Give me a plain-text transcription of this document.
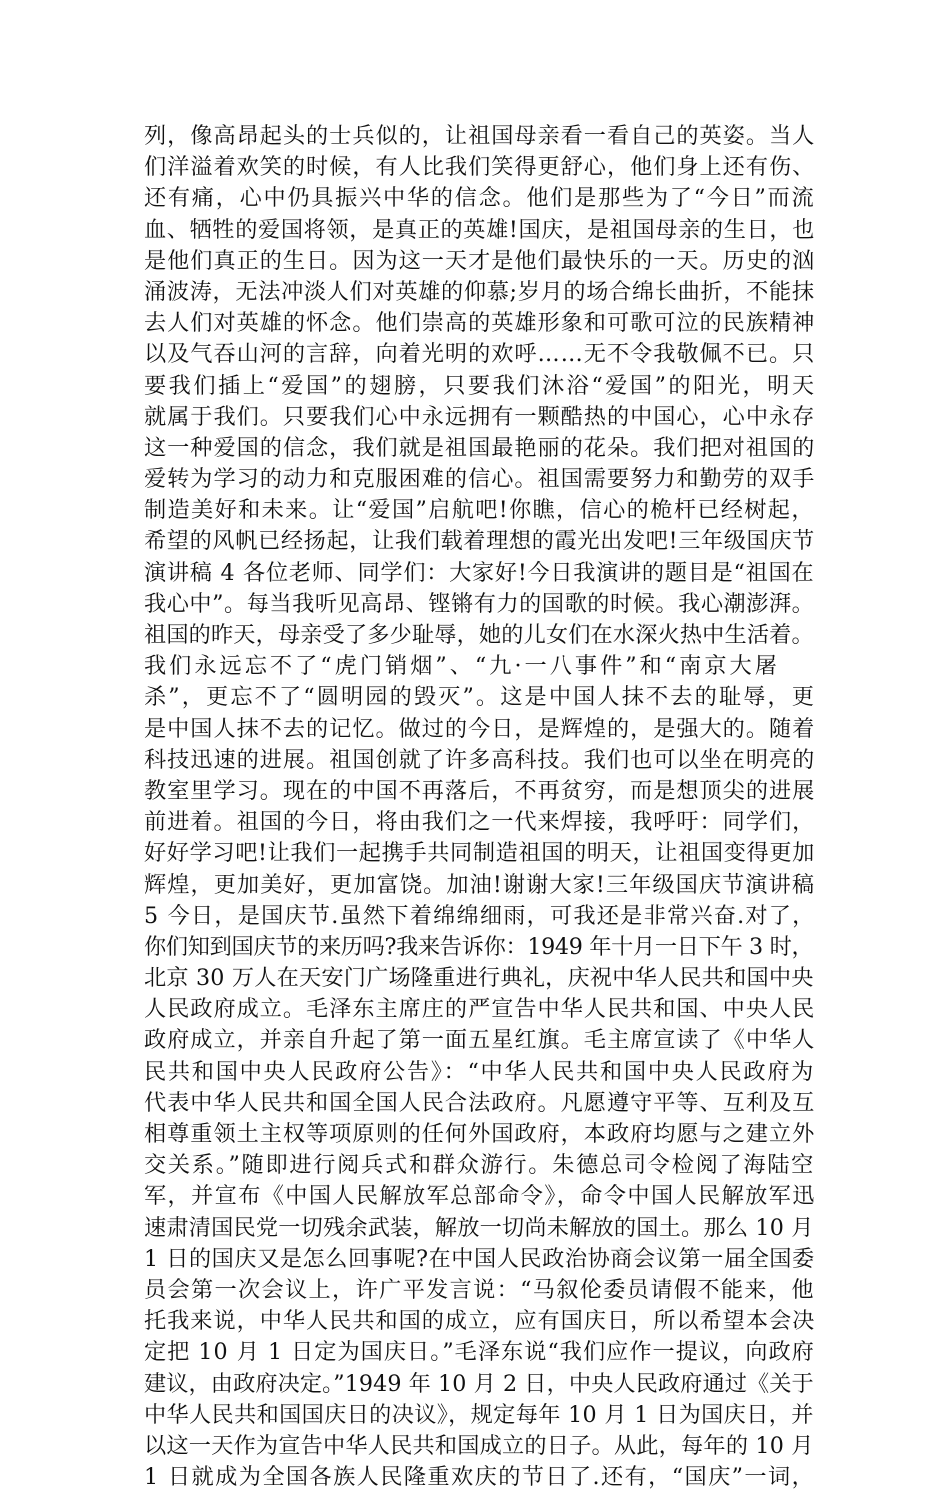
列，像高昂起头的士兵似的，让祖国母亲看一看自己的英姿。当人
们洋溢着欢笑的时候，有人比我们笑得更舒心，他们身上还有伤、
还有痛，心中仍具振兴中华的信念。他们是那些为了“今日”而流
血、牺牲的爱国将领，是真正的英雄!国庆，是祖国母亲的生日，也
是他们真正的生日。因为这一天才是他们最快乐的一天。历史的汹
涌波涛，无法冲淡人们对英雄的仰慕;岁月的场合绵长曲折，不能抹
去人们对英雄的怀念。他们崇高的英雄形象和可歌可泣的民族精神
以及气吞山河的言辞，向着光明的欢呼……无不令我敬佩不已。只
要我们插上“爱国”的翅膀，只要我们沐浴“爱国”的阳光，明天
就属于我们。只要我们心中永远拥有一颗酷热的中国心，心中永存
这一种爱国的信念，我们就是祖国最艳丽的花朵。我们把对祖国的
爱转为学习的动力和克服困难的信心。祖国需要努力和勤劳的双手
制造美好和未来。让“爱国”启航吧!你瞧，信心的桅杆已经树起，
希望的风帆已经扬起，让我们载着理想的霞光出发吧!三年级国庆节
演讲稿 4 各位老师、同学们：大家好!今日我演讲的题目是“祖国在
我心中”。每当我听见高昂、铿锵有力的国歌的时候。我心潮澎湃。
祖国的昨天，母亲受了多少耻辱，她的儿女们在水深火热中生活着。
我们永远忘不了“虎门销烟”、“九·一八事件”和“南京大屠
杀”，更忘不了“圆明园的毁灭”。这是中国人抹不去的耻辱，更
是中国人抹不去的记忆。做过的今日，是辉煌的，是强大的。随着
科技迅速的进展。祖国创就了许多高科技。我们也可以坐在明亮的
教室里学习。现在的中国不再落后，不再贫穷，而是想顶尖的进展
前进着。祖国的今日，将由我们之一代来焊接，我呼吁：同学们，
好好学习吧!让我们一起携手共同制造祖国的明天，让祖国变得更加
辉煌，更加美好，更加富饶。加油!谢谢大家!三年级国庆节演讲稿
5 今日，是国庆节.虽然下着绵绵细雨，可我还是非常兴奋.对了，
你们知到国庆节的来历吗?我来告诉你：1949 年十月一日下午 3 时，
北京 30 万人在天安门广场隆重进行典礼，庆祝中华人民共和国中央
人民政府成立。毛泽东主席庄的严宣告中华人民共和国、中央人民
政府成立，并亲自升起了第一面五星红旗。毛主席宣读了《中华人
民共和国中央人民政府公告》：“中华人民共和国中央人民政府为
代表中华人民共和国全国人民合法政府。凡愿遵守平等、互利及互
相尊重领土主权等项原则的任何外国政府，本政府均愿与之建立外
交关系。”随即进行阅兵式和群众游行。朱德总司令检阅了海陆空
军，并宣布《中国人民解放军总部命令》，命令中国人民解放军迅
速肃清国民党一切残余武装，解放一切尚未解放的国土。那么 10 月
1 日的国庆又是怎么回事呢?在中国人民政治协商会议第一届全国委
员会第一次会议上，许广平发言说：“马叙伦委员请假不能来，他
托我来说，中华人民共和国的成立，应有国庆日，所以希望本会决
定把 10 月 1 日定为国庆日。”毛泽东说“我们应作一提议，向政府
建议，由政府决定。”1949 年 10 月 2 日，中央人民政府通过《关于
中华人民共和国国庆日的决议》，规定每年 10 月 1 日为国庆日，并
以这一天作为宣告中华人民共和国成立的日子。从此，每年的 10 月
1 日就成为全国各族人民隆重欢庆的节日了.还有，“国庆”一词，
